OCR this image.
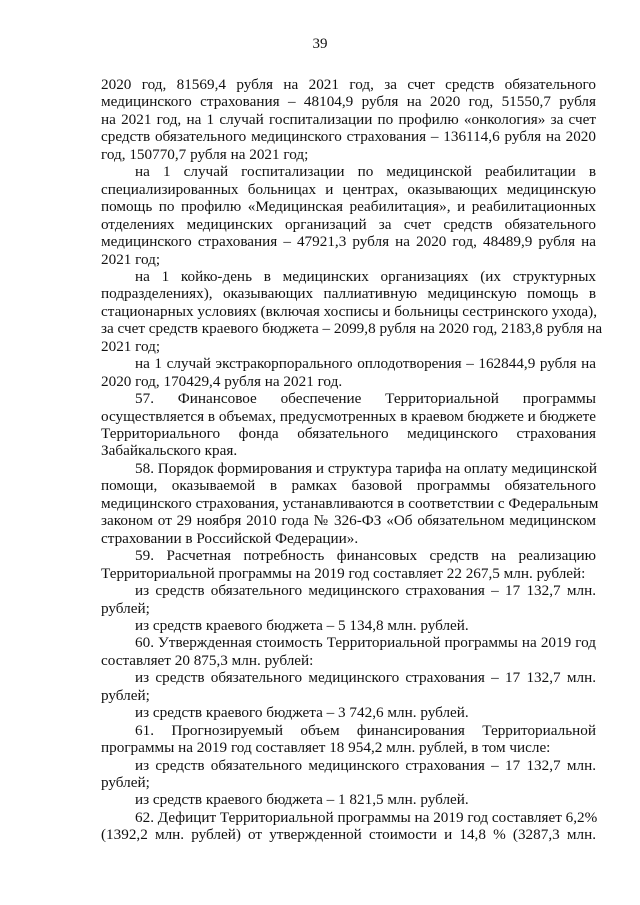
39
2020 год, 81569,4 рубля на 2021 год, за счет средств обязательного
медицинского страхования – 48104,9 рубля на 2020 год, 51550,7 рубля
на 2021 год, на 1 случай госпитализации по профилю «онкология» за счет
средств обязательного медицинского страхования – 136114,6 рубля на 2020
год, 150770,7 рубля на 2021 год;
на 1 случай госпитализации по медицинской реабилитации в
специализированных больницах и центрах, оказывающих медицинскую
помощь по профилю «Медицинская реабилитация», и реабилитационных
отделениях медицинских организаций за счет средств обязательного
медицинского страхования – 47921,3 рубля на 2020 год, 48489,9 рубля на
2021 год;
на 1 койко-день в медицинских организациях (их структурных
подразделениях), оказывающих паллиативную медицинскую помощь в
стационарных условиях (включая хосписы и больницы сестринского ухода),
за счет средств краевого бюджета – 2099,8 рубля на 2020 год, 2183,8 рубля на
2021 год;
на 1 случай экстракорпорального оплодотворения – 162844,9 рубля на
2020 год, 170429,4 рубля на 2021 год.
57. Финансовое обеспечение Территориальной программы
осуществляется в объемах, предусмотренных в краевом бюджете и бюджете
Территориального фонда обязательного медицинского страхования
Забайкальского края.
58. Порядок формирования и структура тарифа на оплату медицинской
помощи, оказываемой в рамках базовой программы обязательного
медицинского страхования, устанавливаются в соответствии с Федеральным
законом от 29 ноября 2010 года № 326-ФЗ «Об обязательном медицинском
страховании в Российской Федерации».
59. Расчетная потребность финансовых средств на реализацию
Территориальной программы на 2019 год составляет 22 267,5 млн. рублей:
из средств обязательного медицинского страхования – 17 132,7 млн.
рублей;
из средств краевого бюджета – 5 134,8 млн. рублей.
60. Утвержденная стоимость Территориальной программы на 2019 год
составляет 20 875,3 млн. рублей:
из средств обязательного медицинского страхования – 17 132,7 млн.
рублей;
из средств краевого бюджета – 3 742,6 млн. рублей.
61. Прогнозируемый объем финансирования Территориальной
программы на 2019 год составляет 18 954,2 млн. рублей, в том числе:
из средств обязательного медицинского страхования – 17 132,7 млн.
рублей;
из средств краевого бюджета – 1 821,5 млн. рублей.
62. Дефицит Территориальной программы на 2019 год составляет 6,2%
(1392,2 млн. рублей) от утвержденной стоимости и 14,8 % (3287,3 млн.
